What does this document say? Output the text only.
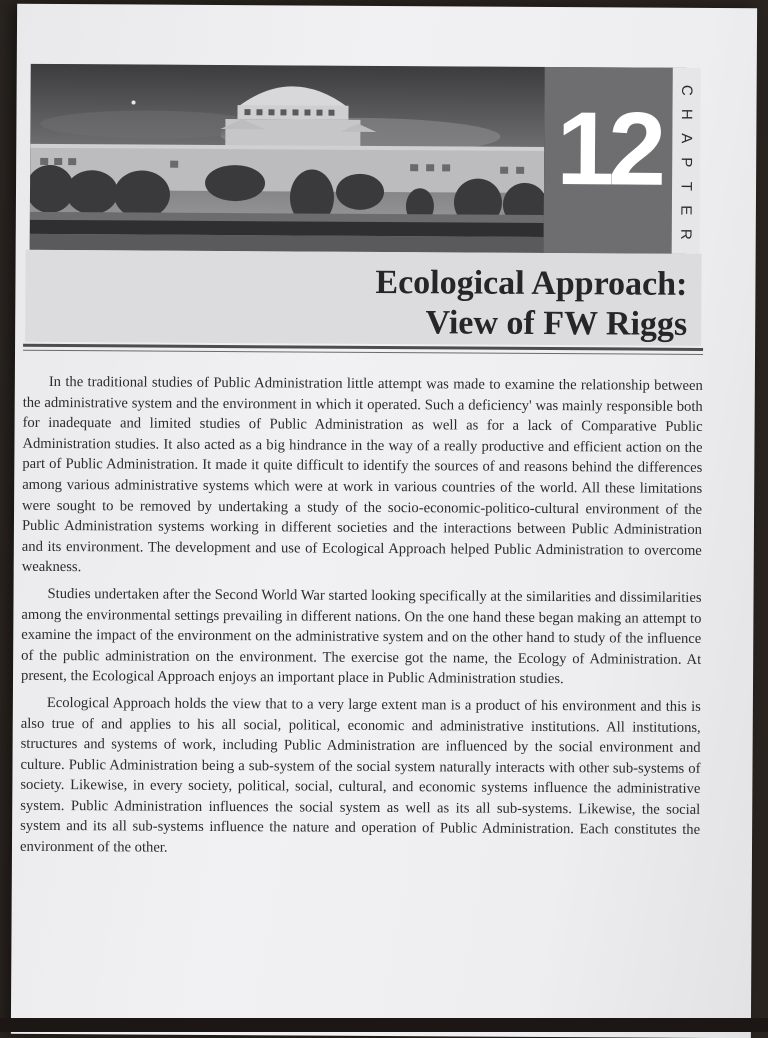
12
C
H
A
P
T
E
R
Ecological Approach:
View of FW Riggs

In the traditional studies of Public Administration little attempt was made to examine the relationship between the administrative system and the environment in which it operated. Such a deficiency' was mainly responsible both for inadequate and limited studies of Public Administration as well as for a lack of Comparative Public Administration studies. It also acted as a big hindrance in the way of a really productive and efficient action on the part of Public Administration. It made it quite difficult to identify the sources of and reasons behind the differences among various administrative systems which were at work in various countries of the world. All these limitations were sought to be removed by undertaking a study of the socio-economic-politico-cultural environment of the Public Administration systems working in different societies and the interactions between Public Administration and its environment. The development and use of Ecological Approach helped Public Administration to overcome weakness.

Studies undertaken after the Second World War started looking specifically at the similarities and dissimilarities among the environmental settings prevailing in different nations. On the one hand these began making an attempt to examine the impact of the environment on the administrative system and on the other hand to study of the influence of the public administration on the environment. The exercise got the name, the Ecology of Administration. At present, the Ecological Approach enjoys an important place in Public Administration studies.

Ecological Approach holds the view that to a very large extent man is a product of his environment and this is also true of and applies to his all social, political, economic and administrative institutions. All institutions, structures and systems of work, including Public Administration are influenced by the social environment and culture. Public Administration being a sub-system of the social system naturally interacts with other sub-systems of society. Likewise, in every society, political, social, cultural, and economic systems influence the administrative system. Public Administration influences the social system as well as its all sub-systems. Likewise, the social system and its all sub-systems influence the nature and operation of Public Administration. Each constitutes the environment of the other.
